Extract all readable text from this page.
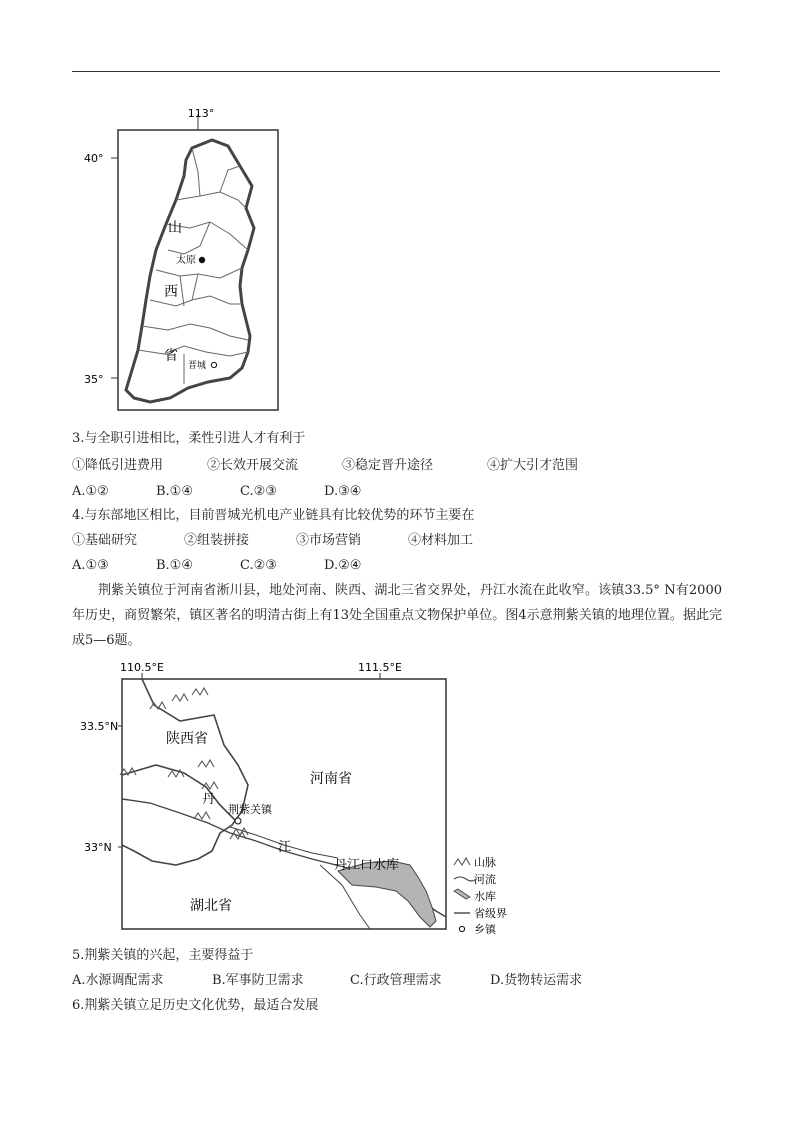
113°
40°
35°
山
西
省
太原
晋城
3.与全职引进相比，柔性引进人才有利于
①降低引进费用	②长效开展交流	③稳定晋升途径	④扩大引才范围
A.①②	B.①④	C.②③	D.③④
4.与东部地区相比，目前晋城光机电产业链具有比较优势的环节主要在
①基础研究	②组装拼接	③市场营销	④材料加工
A.①③	B.①④	C.②③	D.②④
荆紫关镇位于河南省淅川县，地处河南、陕西、湖北三省交界处，丹江水流在此收窄。该镇33.5° N有2000年历史，商贸繁荣，镇区著名的明清古街上有13处全国重点文物保护单位。图4示意荆紫关镇的地理位置。据此完成5—6题。
110.5°E	111.5°E
33.5°N
33°N
陕西省
河南省
湖北省
丹
江
荆紫关镇
丹江口水库	山脉
河流
水库
省级界
乡镇
5.荆紫关镇的兴起，主要得益于
A.水源调配需求	B.军事防卫需求	C.行政管理需求	D.货物转运需求
6.荆紫关镇立足历史文化优势，最适合发展
